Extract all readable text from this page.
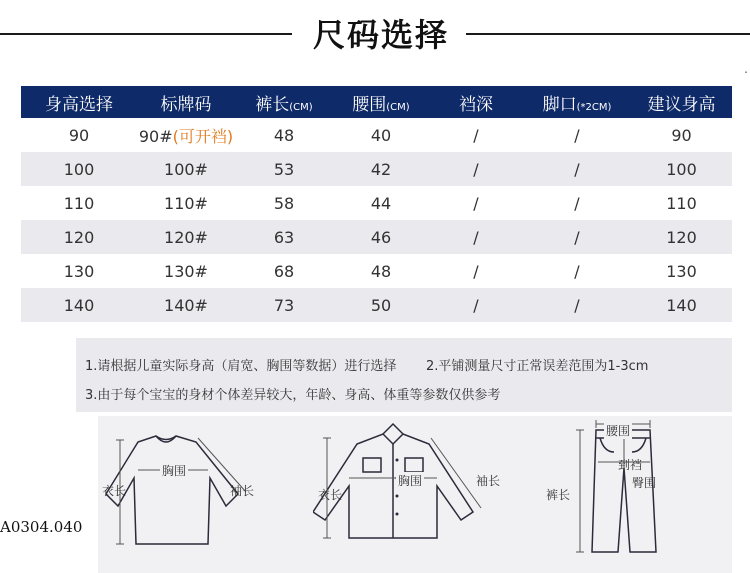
尺码选择
.
身高选择	标牌码	裤长(CM)	腰围(CM)	裆深	脚口(*2CM)	建议身高
90	90#(可开裆)	48	40	/	/	90
100	100#	53	42	/	/	100
110	110#	58	44	/	/	110
120	120#	63	46	/	/	120
130	130#	68	48	/	/	130
140	140#	73	50	/	/	140
1.请根据儿童实际身高（肩宽、胸围等数据）进行选择 2.平铺测量尺寸正常误差范围为1-3cm
3.由于每个宝宝的身材个体差异较大，年龄、身高、体重等参数仅供参考
衣长
胸围
袖长	衣长
胸围	袖长
腰围
到裆
臀围
裤长
A0304.040
